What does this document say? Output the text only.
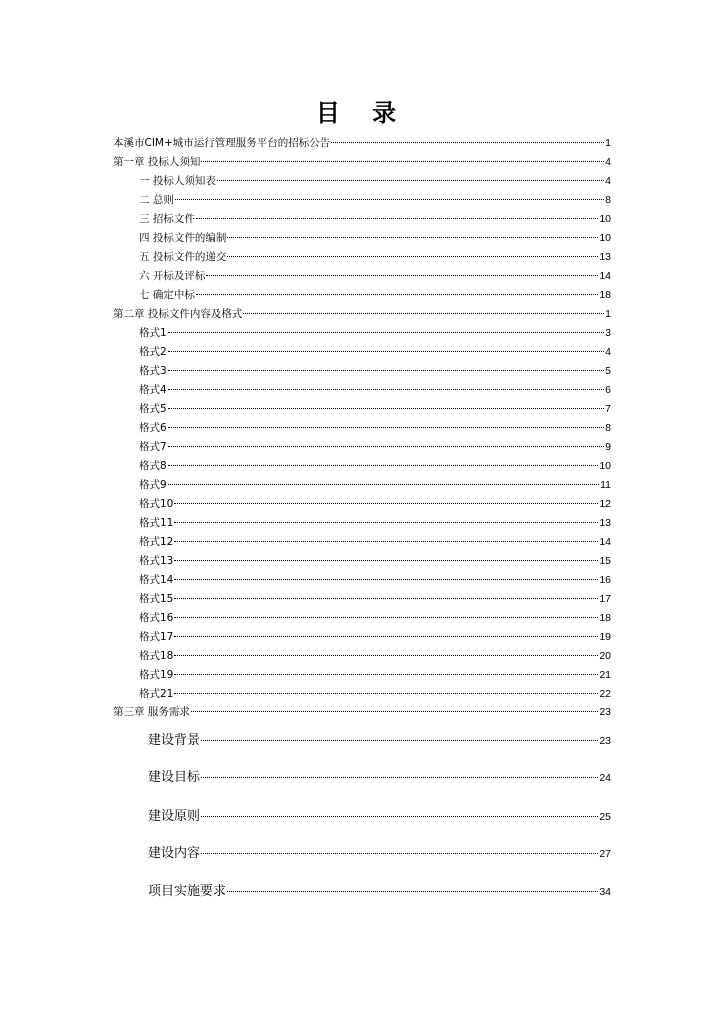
目 录
本溪市CIM+城市运行管理服务平台的招标公告	1
第一章 投标人须知	4
一 投标人须知表	4
二 总则	8
三 招标文件	10
四 投标文件的编制	10
五 投标文件的递交	13
六 开标及评标	14
七 确定中标	18
第二章 投标文件内容及格式	1
格式1	3
格式2	4
格式3	5
格式4	6
格式5	7
格式6	8
格式7	9
格式8	10
格式9	11
格式10	12
格式11	13
格式12	14
格式13	15
格式14	16
格式15	17
格式16	18
格式17	19
格式18	20
格式19	21
格式21	22
第三章 服务需求	23
建设背景	23
建设目标	24
建设原则	25
建设内容	27
项目实施要求	34
